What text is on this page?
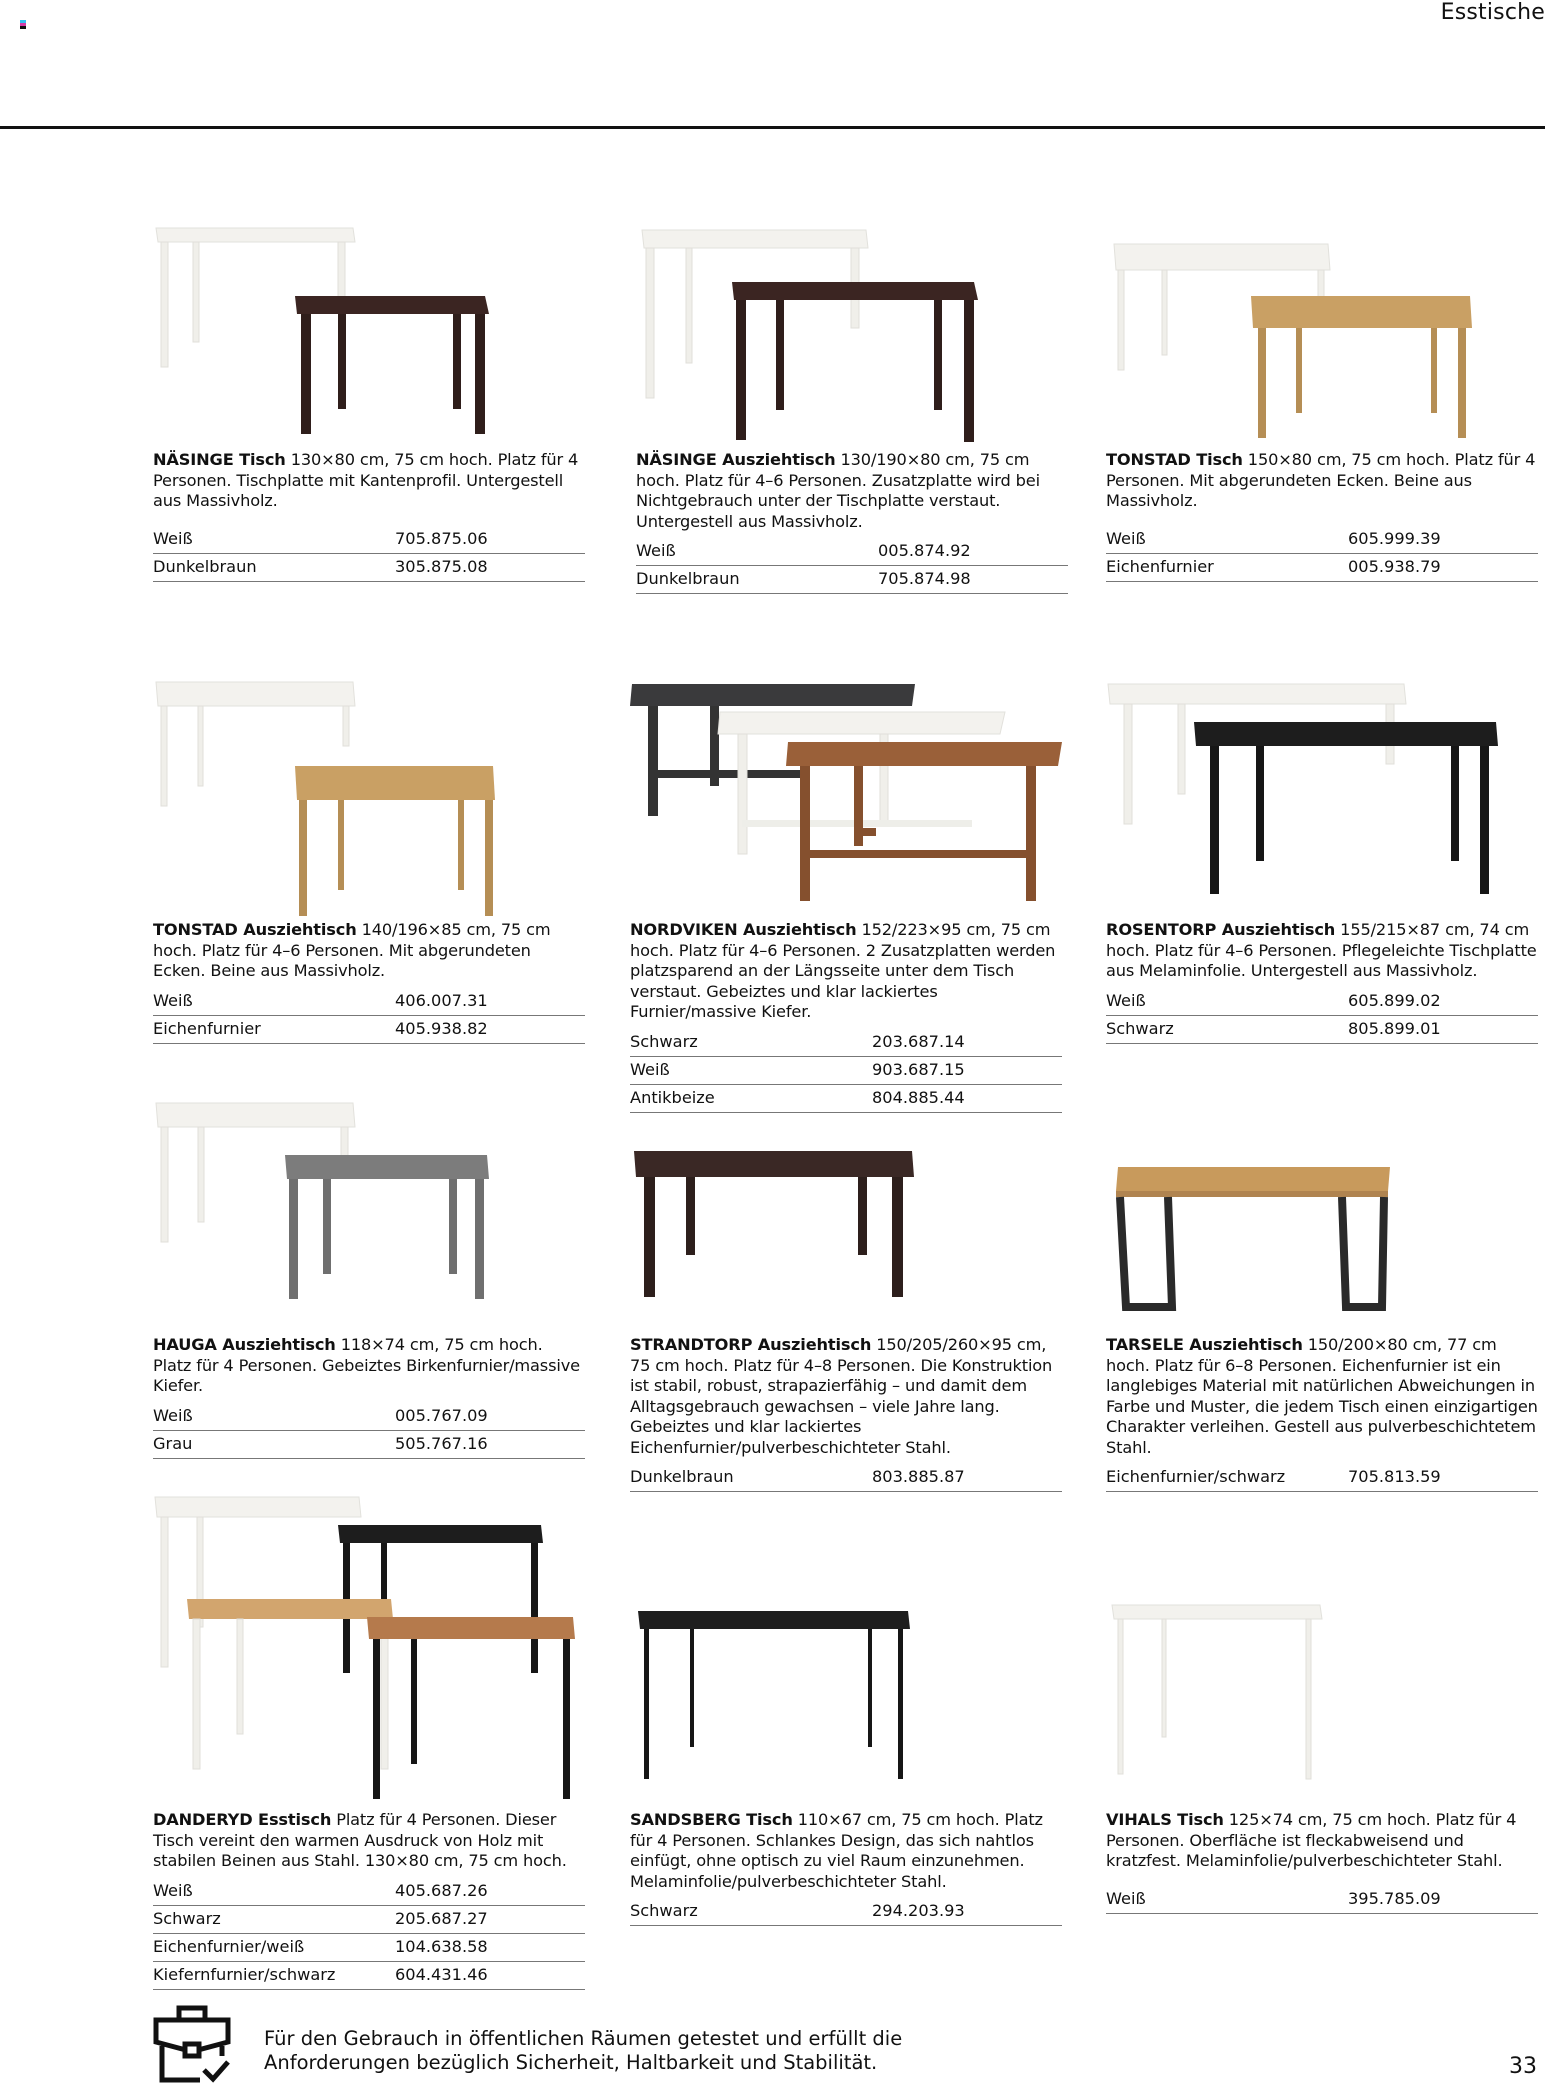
Esstische
NÄSINGE Tisch 130×80 cm, 75 cm hoch. Platz für 4 Personen. Tischplatte mit Kantenprofil. Untergestell aus Massivholz.
Weiß	705.875.06
Dunkelbraun	305.875.08
NÄSINGE Ausziehtisch 130/190×80 cm, 75 cm hoch. Platz für 4–6 Personen. Zusatzplatte wird bei Nichtgebrauch unter der Tischplatte verstaut. Untergestell aus Massivholz.
Weiß	005.874.92
Dunkelbraun	705.874.98
TONSTAD Tisch 150×80 cm, 75 cm hoch. Platz für 4 Personen. Mit abgerundeten Ecken. Beine aus Massivholz.
Weiß	605.999.39
Eichenfurnier	005.938.79
TONSTAD Ausziehtisch 140/196×85 cm, 75 cm hoch. Platz für 4–6 Personen. Mit abgerundeten Ecken. Beine aus Massivholz.
Weiß	406.007.31
Eichenfurnier	405.938.82
NORDVIKEN Ausziehtisch 152/223×95 cm, 75 cm hoch. Platz für 4–6 Personen. 2 Zusatzplatten werden platzsparend an der Längsseite unter dem Tisch verstaut. Gebeiztes und klar lackiertes Furnier/massive Kiefer.
Schwarz	203.687.14
Weiß	903.687.15
Antikbeize	804.885.44
ROSENTORP Ausziehtisch 155/215×87 cm, 74 cm hoch. Platz für 4–6 Personen. Pflegeleichte Tischplatte aus Melaminfolie. Untergestell aus Massivholz.
Weiß	605.899.02
Schwarz	805.899.01
HAUGA Ausziehtisch 118×74 cm, 75 cm hoch. Platz für 4 Personen. Gebeiztes Birkenfurnier/massive Kiefer.
Weiß	005.767.09
Grau	505.767.16
STRANDTORP Ausziehtisch 150/205/260×95 cm, 75 cm hoch. Platz für 4–8 Personen. Die Konstruktion ist stabil, robust, strapazierfähig – und damit dem Alltagsgebrauch gewachsen – viele Jahre lang. Gebeiztes und klar lackiertes Eichenfurnier/pulverbeschichteter Stahl.
Dunkelbraun	803.885.87
TARSELE Ausziehtisch 150/200×80 cm, 77 cm hoch. Platz für 6–8 Personen. Eichenfurnier ist ein langlebiges Material mit natürlichen Abweichungen in Farbe und Muster, die jedem Tisch einen einzigartigen Charakter verleihen. Gestell aus pulverbeschichtetem Stahl.
Eichenfurnier/schwarz	705.813.59
DANDERYD Esstisch Platz für 4 Personen. Dieser Tisch vereint den warmen Ausdruck von Holz mit stabilen Beinen aus Stahl. 130×80 cm, 75 cm hoch.
Weiß	405.687.26
Schwarz	205.687.27
Eichenfurnier/weiß	104.638.58
Kiefernfurnier/schwarz	604.431.46
SANDSBERG Tisch 110×67 cm, 75 cm hoch. Platz für 4 Personen. Schlankes Design, das sich nahtlos einfügt, ohne optisch zu viel Raum einzunehmen. Melaminfolie/pulverbeschichteter Stahl.
Schwarz	294.203.93
VIHALS Tisch 125×74 cm, 75 cm hoch. Platz für 4 Personen. Oberfläche ist fleckabweisend und kratzfest. Melaminfolie/pulverbeschichteter Stahl.
Weiß	395.785.09
Für den Gebrauch in öffentlichen Räumen getestet und erfüllt die
Anforderungen bezüglich Sicherheit, Haltbarkeit und Stabilität.	33
